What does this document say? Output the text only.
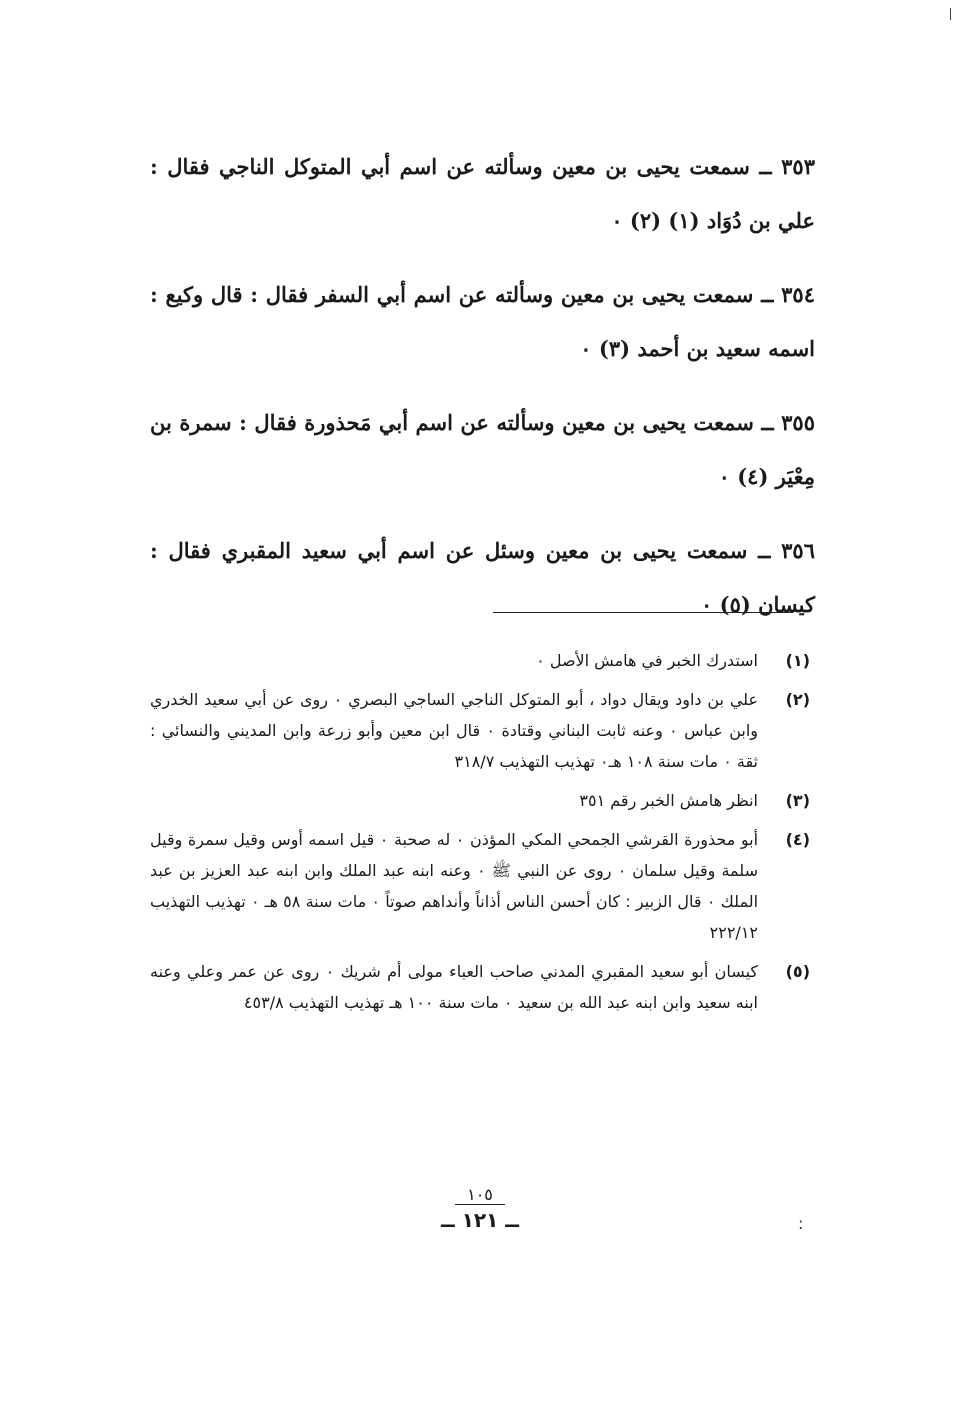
٣٥٣ ــ سمعت يحيى بن معين وسألته عن اسم أبي المتوكل الناجي فقال : علي بن دُوَاد (١) (٢) ٠

٣٥٤ ــ سمعت يحيى بن معين وسألته عن اسم أبي السفر فقال : قال وكيع : اسمه سعيد بن أحمد (٣) ٠

٣٥٥ ــ سمعت يحيى بن معين وسألته عن اسم أبي مَحذورة فقال : سمرة بن مِعْيَر (٤) ٠

٣٥٦ ــ سمعت يحيى بن معين وسئل عن اسم أبي سعيد المقبري فقال : كيسان (٥) ٠

(١)
استدرك الخبر في هامش الأصل ٠
(٢)
علي بن داود ويقال دواد ، أبو المتوكل الناجي الساجي البصري ٠ روى عن أبي سعيد الخدري وابن عباس ٠ وعنه ثابت البناني وقتادة ٠ قال ابن معين وأبو زرعة وابن المديني والنسائي : ثقة ٠ مات سنة ١٠٨ هـ٠ تهذيب التهذيب ٣١٨/٧
(٣)
انظر هامش الخبر رقم ٣٥١
(٤)
أبو محذورة القرشي الجمحي المكي المؤذن ٠ له صحبة ٠ قيل اسمه أوس وقيل سمرة وقيل سلمة وقيل سلمان ٠ روى عن النبي ﷺ ٠ وعنه ابنه عبد الملك وابن ابنه عبد العزيز بن عبد الملك ٠ قال الزبير : كان أحسن الناس أذاناً وأنداهم صوتاً ٠ مات سنة ٥٨ هـ ٠ تهذيب التهذيب ٢٢٢/١٢
(٥)
كيسان أبو سعيد المقبري المدني صاحب العباء مولى أم شريك ٠ روى عن عمر وعلي وعنه ابنه سعيد وابن ابنه عبد الله بن سعيد ٠ مات سنة ١٠٠ هـ تهذيب التهذيب ٤٥٣/٨
١٠٥
ــ ١٢١ ــ	:
